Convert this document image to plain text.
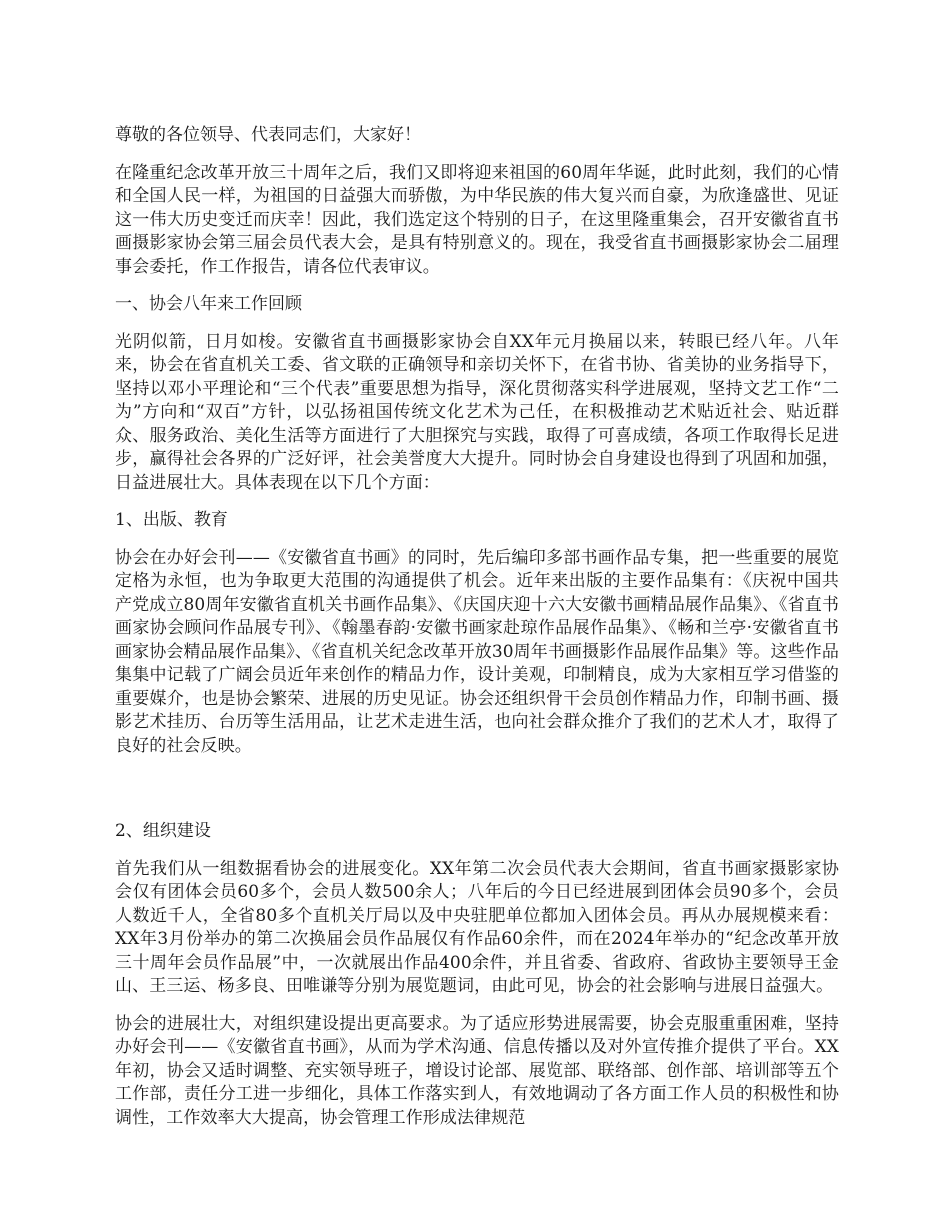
尊敬的各位领导、代表同志们，大家好！

在隆重纪念改革开放三十周年之后，我们又即将迎来祖国的60周年华诞，此时此刻，我们的心情和全国人民一样，为祖国的日益强大而骄傲，为中华民族的伟大复兴而自豪，为欣逢盛世、见证这一伟大历史变迁而庆幸！因此，我们选定这个特别的日子，在这里隆重集会，召开安徽省直书画摄影家协会第三届会员代表大会，是具有特别意义的。现在，我受省直书画摄影家协会二届理事会委托，作工作报告，请各位代表审议。

一、协会八年来工作回顾

光阴似箭，日月如梭。安徽省直书画摄影家协会自XX年元月换届以来，转眼已经八年。八年来，协会在省直机关工委、省文联的正确领导和亲切关怀下，在省书协、省美协的业务指导下，坚持以邓小平理论和“三个代表”重要思想为指导，深化贯彻落实科学进展观，坚持文艺工作“二为”方向和“双百”方针，以弘扬祖国传统文化艺术为己任，在积极推动艺术贴近社会、贴近群众、服务政治、美化生活等方面进行了大胆探究与实践，取得了可喜成绩，各项工作取得长足进步，赢得社会各界的广泛好评，社会美誉度大大提升。同时协会自身建设也得到了巩固和加强，日益进展壮大。具体表现在以下几个方面：

1、出版、教育

协会在办好会刊——《安徽省直书画》的同时，先后编印多部书画作品专集，把一些重要的展览定格为永恒，也为争取更大范围的沟通提供了机会。近年来出版的主要作品集有：《庆祝中国共产党成立80周年安徽省直机关书画作品集》、《庆国庆迎十六大安徽书画精品展作品集》、《省直书画家协会顾问作品展专刊》、《翰墨春韵·安徽书画家赴琼作品展作品集》、《畅和兰亭·安徽省直书画家协会精品展作品集》、《省直机关纪念改革开放30周年书画摄影作品展作品集》等。这些作品集集中记载了广阔会员近年来创作的精品力作，设计美观，印制精良，成为大家相互学习借鉴的重要媒介，也是协会繁荣、进展的历史见证。协会还组织骨干会员创作精品力作，印制书画、摄影艺术挂历、台历等生活用品，让艺术走进生活，也向社会群众推介了我们的艺术人才，取得了良好的社会反映。

2、组织建设

首先我们从一组数据看协会的进展变化。XX年第二次会员代表大会期间，省直书画家摄影家协会仅有团体会员60多个，会员人数500余人；八年后的今日已经进展到团体会员90多个，会员人数近千人，全省80多个直机关厅局以及中央驻肥单位都加入团体会员。再从办展规模来看：XX年3月份举办的第二次换届会员作品展仅有作品60余件，而在2024年举办的“纪念改革开放三十周年会员作品展”中，一次就展出作品400余件，并且省委、省政府、省政协主要领导王金山、王三运、杨多良、田唯谦等分别为展览题词，由此可见，协会的社会影响与进展日益强大。

协会的进展壮大，对组织建设提出更高要求。为了适应形势进展需要，协会克服重重困难，坚持办好会刊——《安徽省直书画》，从而为学术沟通、信息传播以及对外宣传推介提供了平台。XX年初，协会又适时调整、充实领导班子，增设讨论部、展览部、联络部、创作部、培训部等五个工作部，责任分工进一步细化，具体工作落实到人，有效地调动了各方面工作人员的积极性和协调性，工作效率大大提高，协会管理工作形成法律规范
